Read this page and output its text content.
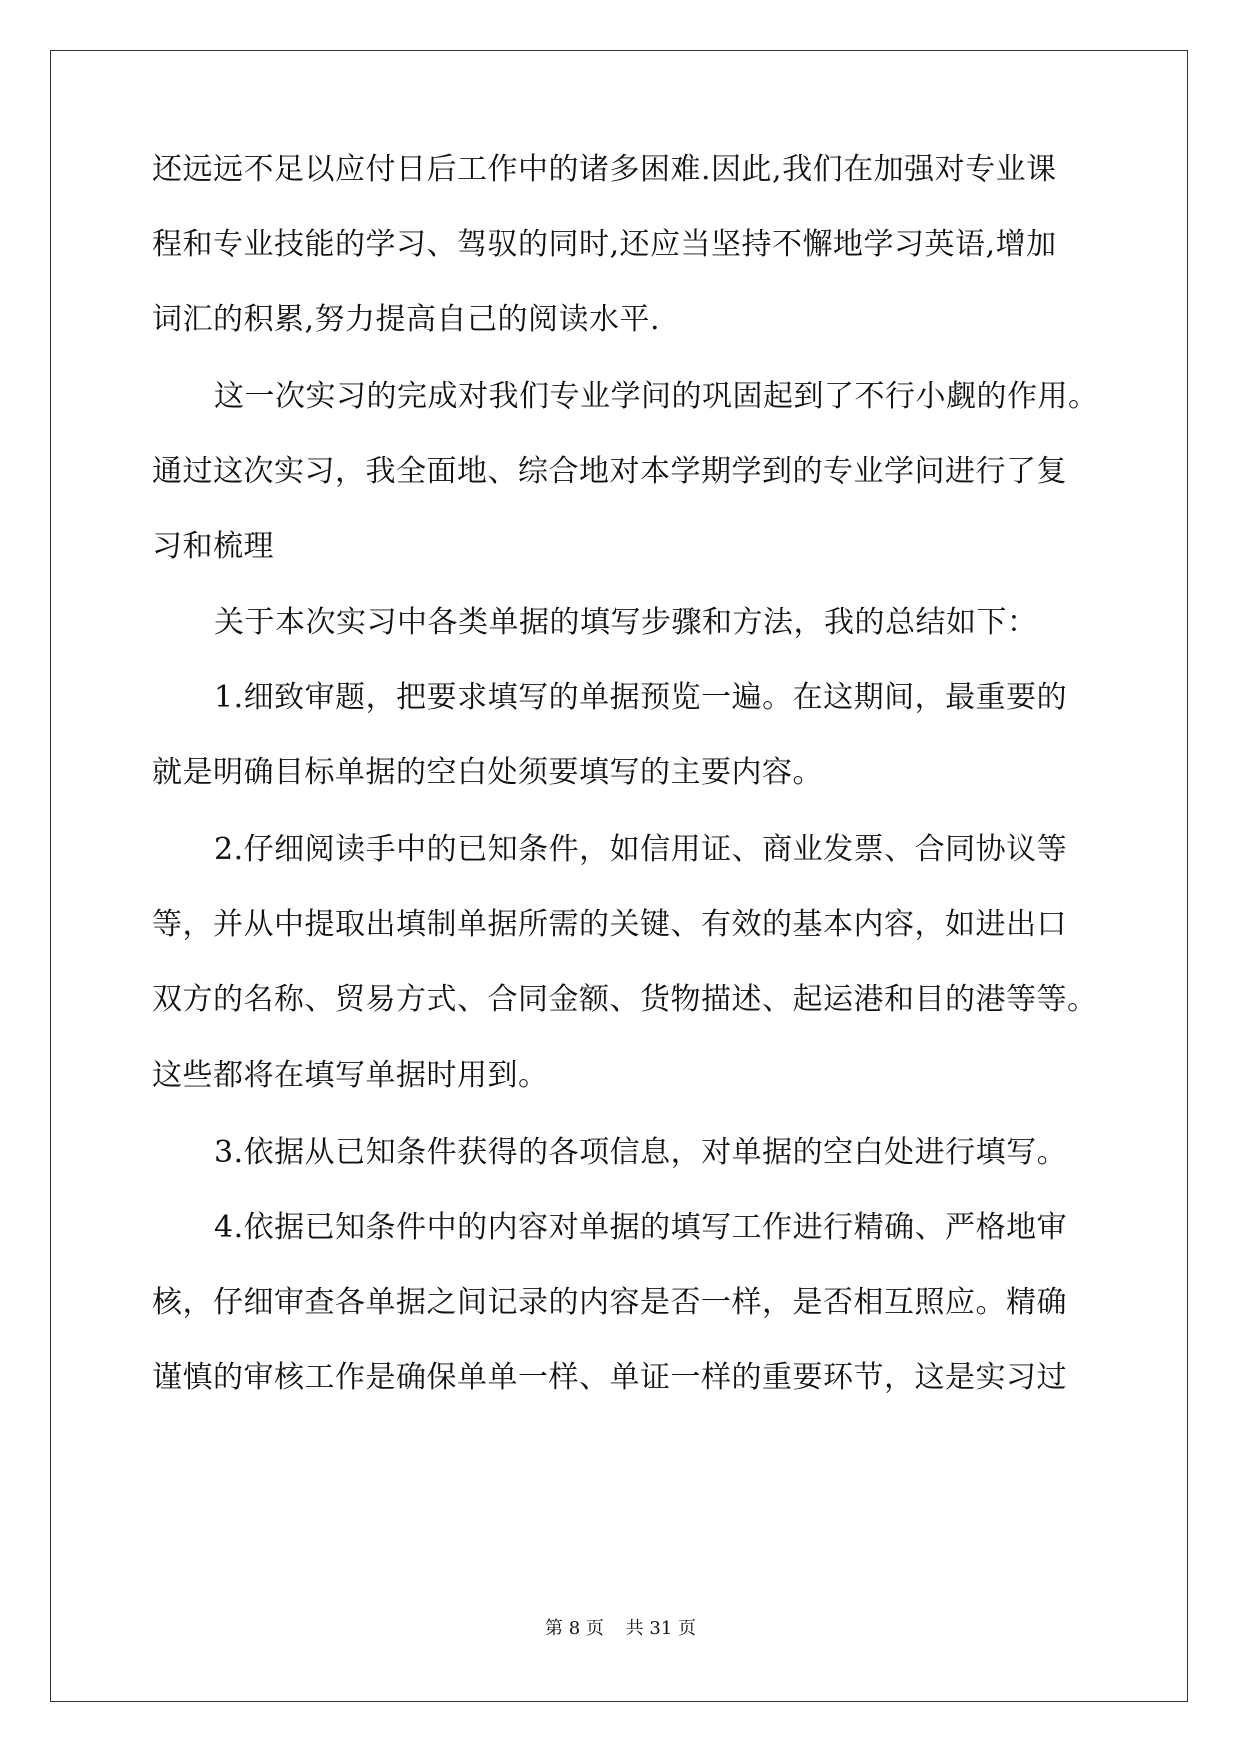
还远远不足以应付日后工作中的诸多困难.因此,我们在加强对专业课
程和专业技能的学习、驾驭的同时,还应当坚持不懈地学习英语,增加
词汇的积累,努力提高自己的阅读水平.
这一次实习的完成对我们专业学问的巩固起到了不行小觑的作用。
通过这次实习，我全面地、综合地对本学期学到的专业学问进行了复
习和梳理
关于本次实习中各类单据的填写步骤和方法，我的总结如下：
1.细致审题，把要求填写的单据预览一遍。在这期间，最重要的
就是明确目标单据的空白处须要填写的主要内容。
2.仔细阅读手中的已知条件，如信用证、商业发票、合同协议等
等，并从中提取出填制单据所需的关键、有效的基本内容，如进出口
双方的名称、贸易方式、合同金额、货物描述、起运港和目的港等等。
这些都将在填写单据时用到。
3.依据从已知条件获得的各项信息，对单据的空白处进行填写。
4.依据已知条件中的内容对单据的填写工作进行精确、严格地审
核，仔细审查各单据之间记录的内容是否一样，是否相互照应。精确
谨慎的审核工作是确保单单一样、单证一样的重要环节，这是实习过
第 8 页 共 31 页
